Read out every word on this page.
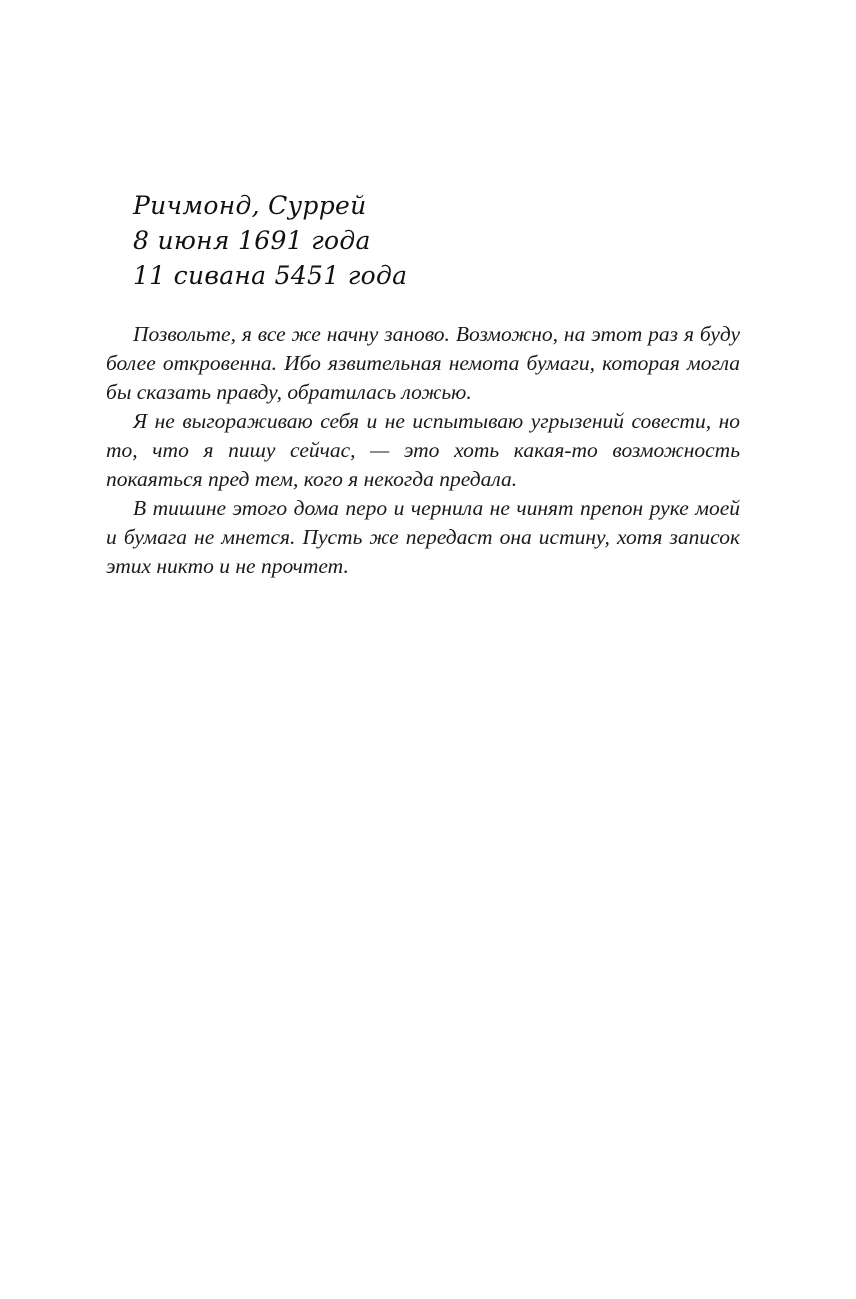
Ричмонд, Суррей
8 июня 1691 года
11 сивана 5451 года

Позвольте, я все же начну заново. Возможно, на этот раз я буду более откровенна. Ибо язвительная немота бумаги, которая могла бы сказать правду, обратилась ложью.

Я не выгораживаю себя и не испытываю угрызений совести, но то, что я пишу сейчас, — это хоть какая-то возможность покаяться пред тем, кого я некогда предала.

В тишине этого дома перо и чернила не чинят препон руке моей и бумага не мнется. Пусть же передаст она истину, хотя записок этих никто и не прочтет.
